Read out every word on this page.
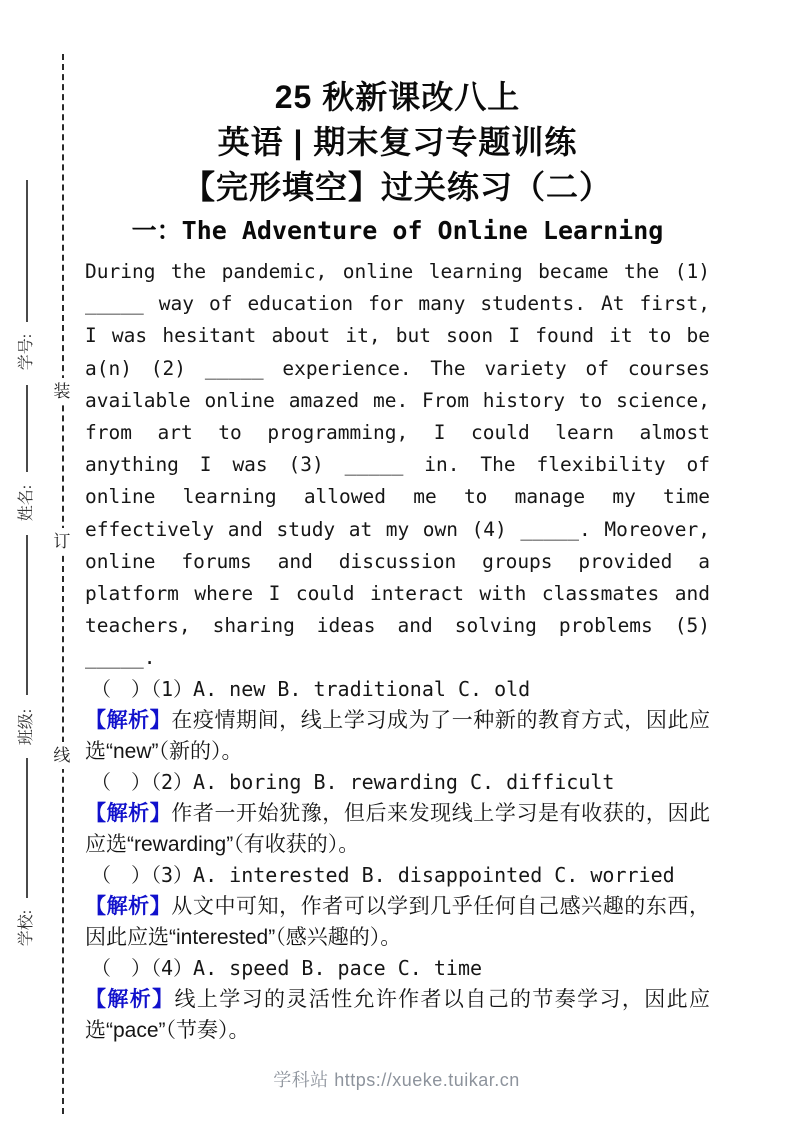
装
订
线
学号:
姓名:
班级:
学校:
25 秋新课改八上
英语 | 期末复习专题训练
【完形填空】过关练习（二）
一：The Adventure of Online Learning
During the pandemic, online learning became the (1)
_____ way of education for many students. At first,
I was hesitant about it, but soon I found it to be
a(n) (2) _____ experience. The variety of courses
available online amazed me. From history to science,
from art to programming, I could learn almost
anything I was (3) _____ in. The flexibility of
online learning allowed me to manage my time
effectively and study at my own (4) _____. Moreover,
online forums and discussion groups provided a
platform where I could interact with classmates and
teachers, sharing ideas and solving problems (5)
_____.
（　）（1）A. new B. traditional C. old
【解析】在疫情期间，线上学习成为了一种新的教育方式，因此应选“new”（新的）。
（　）（2）A. boring B. rewarding C. difficult
【解析】作者一开始犹豫，但后来发现线上学习是有收获的，因此应选“rewarding”（有收获的）。
（　）（3）A. interested B. disappointed C. worried
【解析】从文中可知，作者可以学到几乎任何自己感兴趣的东西，因此应选“interested”（感兴趣的）。
（　）（4）A. speed B. pace C. time
【解析】线上学习的灵活性允许作者以自己的节奏学习，因此应选“pace”（节奏）。
学科站 https://xueke.tuikar.cn
